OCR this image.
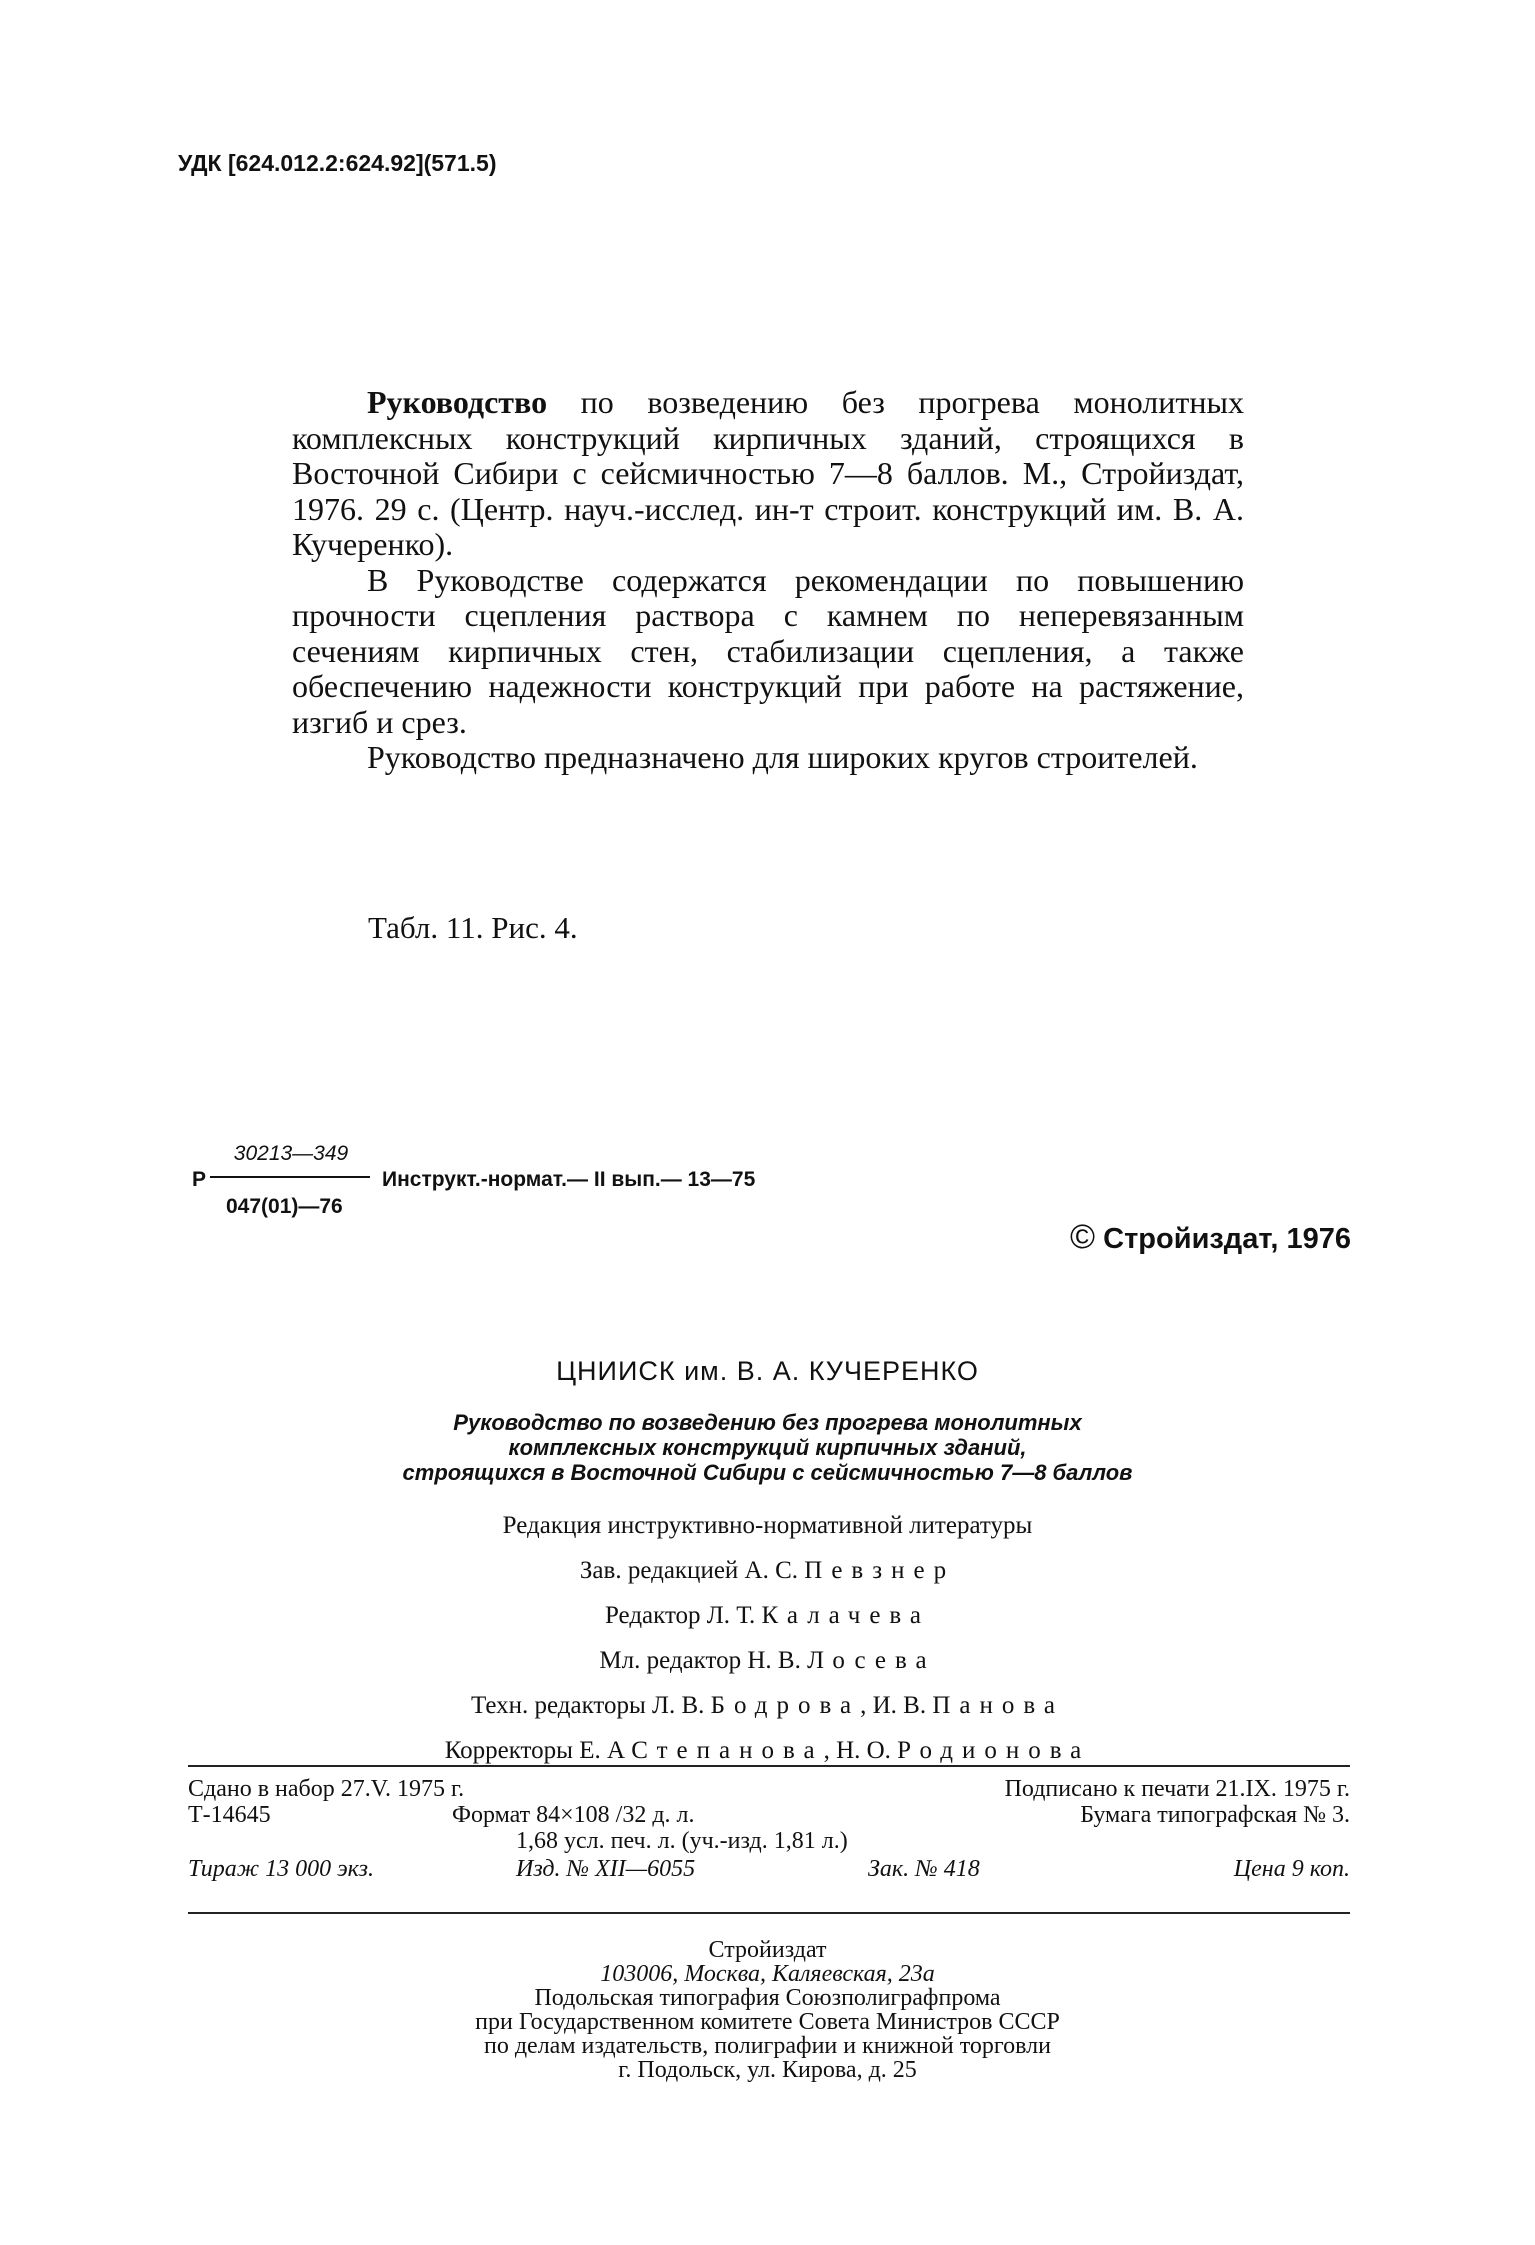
УДК [624.012.2:624.92](571.5)

Руководство по возведению без прогрева монолитных комплексных конструкций кирпичных зданий, строящихся в Восточной Сибири с сейсмичностью 7—8 баллов. М., Стройиздат, 1976. 29 с. (Центр. науч.-исслед. ин-т строит. конструкций им. В. А. Кучеренко).

В Руководстве содержатся рекомендации по повышению прочности сцепления раствора с камнем по неперевязанным сечениям кирпичных стен, стабилизации сцепления, а также обеспечению надежности конструкций при работе на растяжение, изгиб и срез.

Руководство предназначено для широких кругов строителей.

Табл. 11. Рис. 4.
Р
30213—349
047(01)—76
Инструкт.-нормат.— II вып.— 13—75
© Стройиздат, 1976
ЦНИИСК им. В. А. КУЧЕРЕНКО
Руководство по возведению без прогрева монолитных
комплексных конструкций кирпичных зданий,
строящихся в Восточной Сибири с сейсмичностью 7—8 баллов
Редакция инструктивно-нормативной литературы
Зав. редакцией А. С. Певзнер
Редактор Л. Т. Калачева
Мл. редактор Н. В. Лосева
Техн. редакторы Л. В. Бодрова, И. В. Панова
Корректоры Е. А Степанова, Н. О. Родионова
Сдано в набор 27.V. 1975 г.	Подписано к печати 21.IX. 1975 г.
Т-14645	Формат 84×108 /32 д. л.	Бумага типографская № 3.
1,68 усл. печ. л. (уч.-изд. 1,81 л.)
Тираж 13 000 экз.	Изд. № XII—6055	Зак. № 418	Цена 9 коп.
Стройиздат
103006, Москва, Каляевская, 23а
Подольская типография Союзполиграфпрома
при Государственном комитете Совета Министров СССР
по делам издательств, полиграфии и книжной торговли
г. Подольск, ул. Кирова, д. 25
